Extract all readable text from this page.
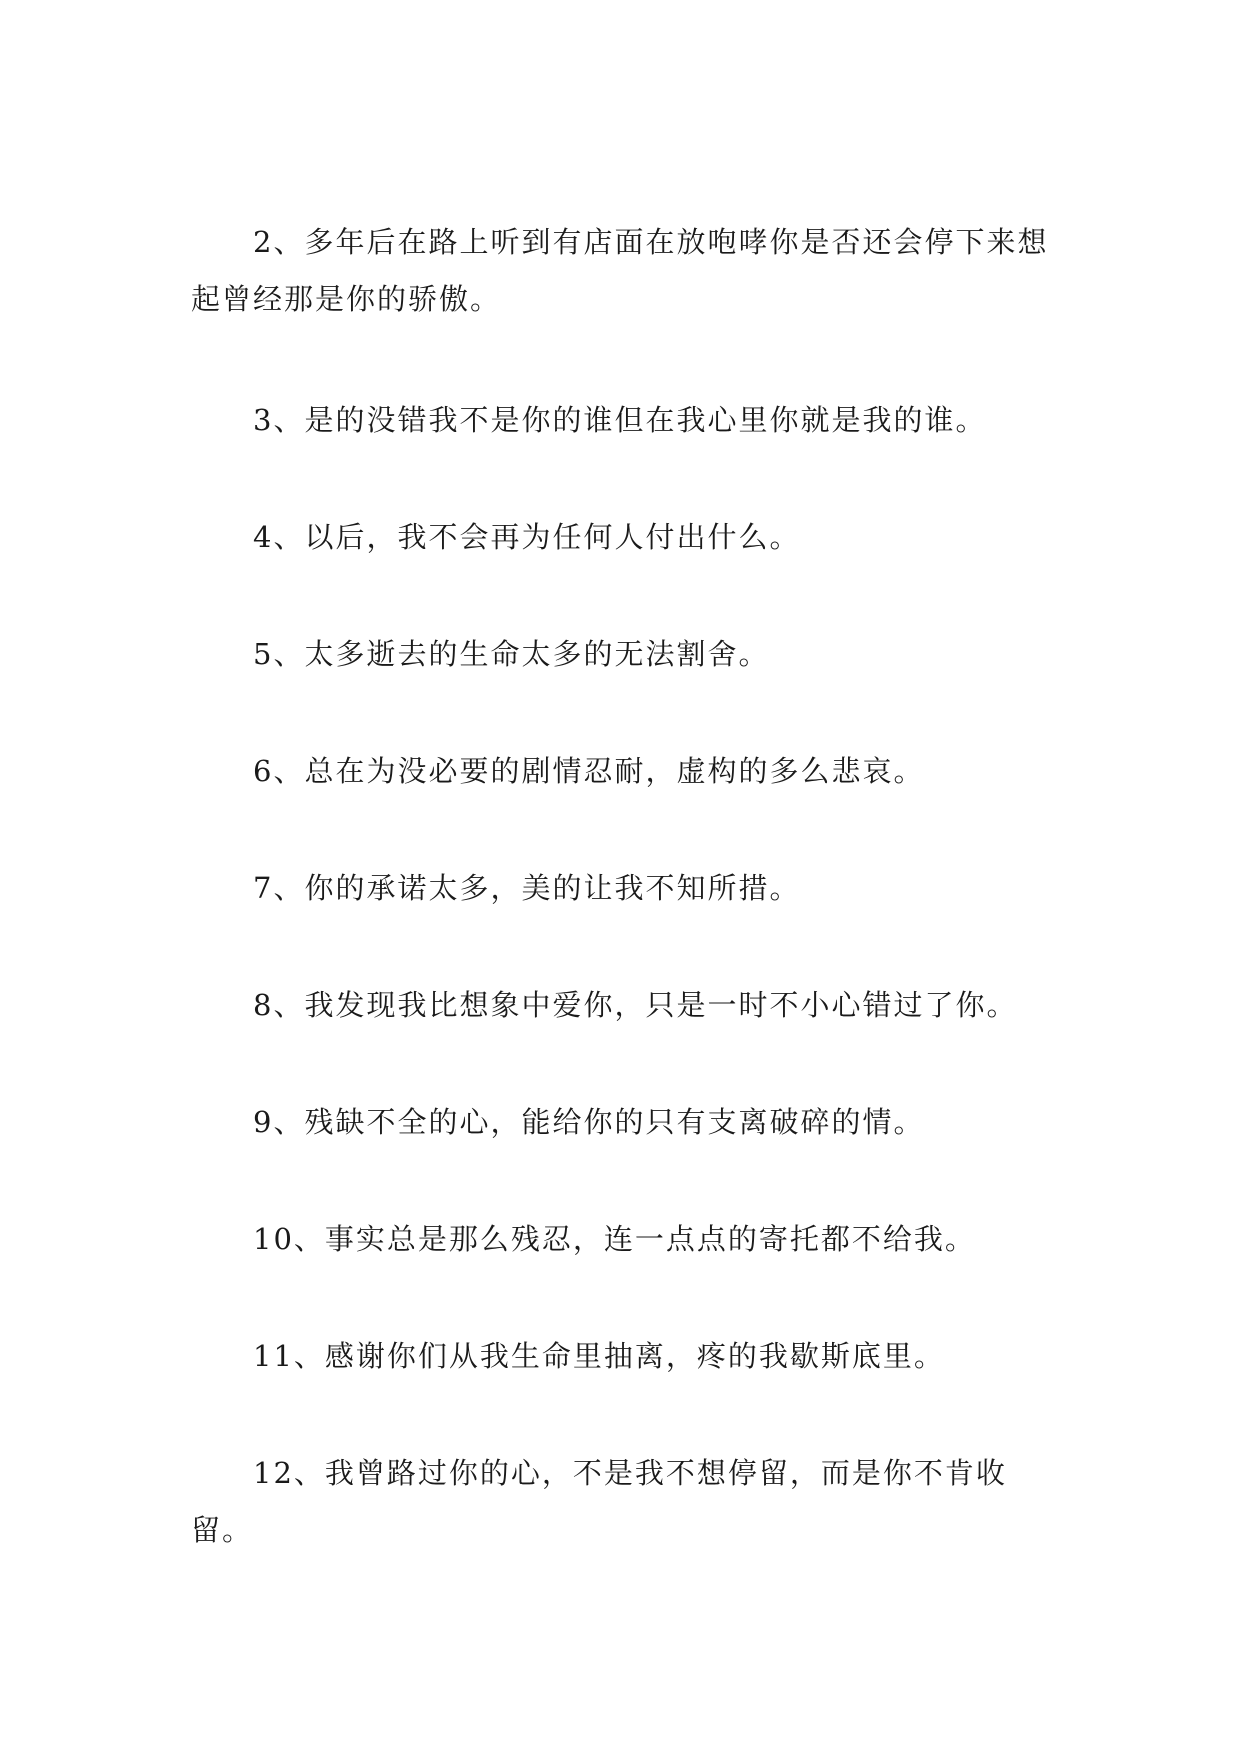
2、多年后在路上听到有店面在放咆哮你是否还会停下来想起曾经那是你的骄傲。

3、是的没错我不是你的谁但在我心里你就是我的谁。

4、以后，我不会再为任何人付出什么。

5、太多逝去的生命太多的无法割舍。

6、总在为没必要的剧情忍耐，虚构的多么悲哀。

7、你的承诺太多，美的让我不知所措。

8、我发现我比想象中爱你，只是一时不小心错过了你。

9、残缺不全的心，能给你的只有支离破碎的情。

10、事实总是那么残忍，连一点点的寄托都不给我。

11、感谢你们从我生命里抽离，疼的我歇斯底里。

12、我曾路过你的心，不是我不想停留，而是你不肯收留。
